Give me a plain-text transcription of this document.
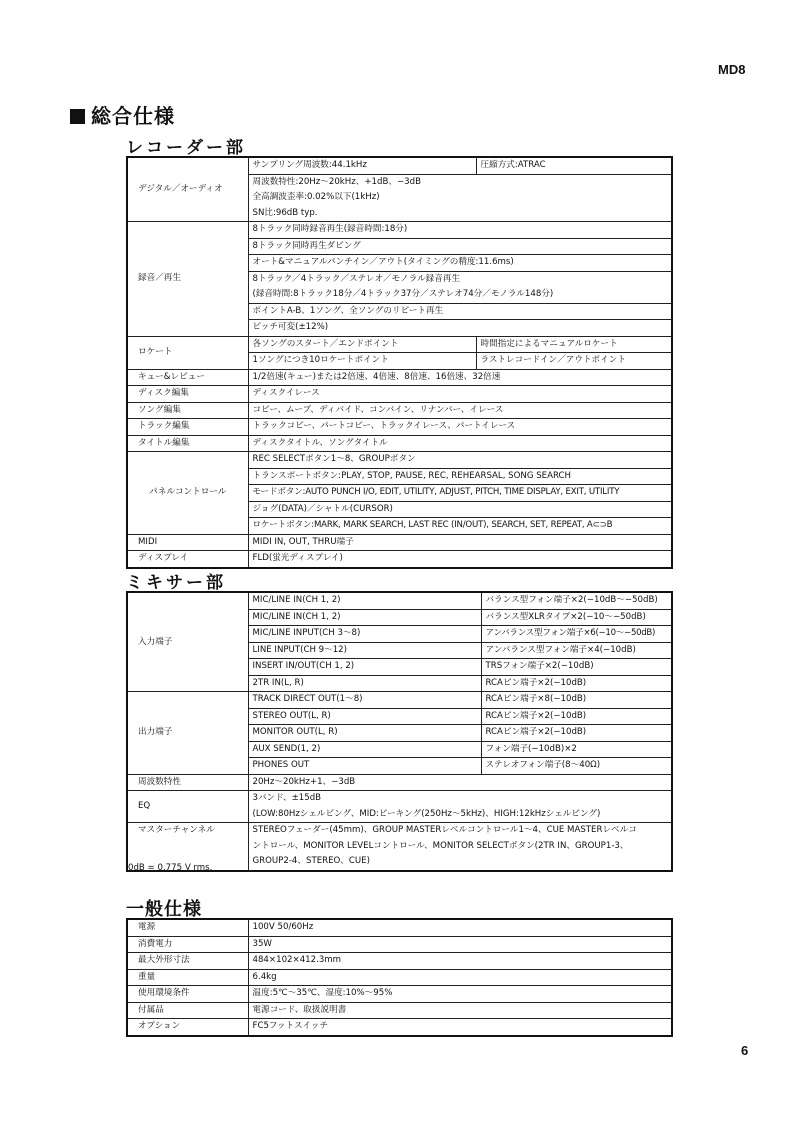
MD8
総合仕様
レコーダー部
デジタル／オーディオ	サンプリング周波数:44.1kHz	圧縮方式:ATRAC

	周波数特性:20Hz～20kHz、+1dB、−3dB
全高調波歪率:0.02%以下(1kHz)
SN比:96dB typ.	

録音／再生	8トラック同時録音再生(録音時間:18分)	
	8トラック同時再生ダビング	
	オート&マニュアルパンチイン／アウト(タイミングの精度:11.6ms)	

	8トラック／4トラック／ステレオ／モノラル録音再生
(録音時間:8トラック18分／4トラック37分／ステレオ74分／モノラル148分)	

	ポイントA-B、1ソング、全ソングのリピート再生	
	ピッチ可変(±12%)	
ロケート	各ソングのスタート／エンドポイント	時間指定によるマニュアルロケート
	1ソングにつき10ロケートポイント	ラストレコードイン／アウトポイント
キュー&レビュー	1/2倍速(キュー)または2倍速、4倍速、8倍速、16倍速、32倍速	
ディスク編集	ディスクイレース	
ソング編集	コピー、ムーブ、ディバイド、コンバイン、リナンバー、イレース	
トラック編集	トラックコピー、パートコピー、トラックイレース、パートイレース	
タイトル編集	ディスクタイトル、ソングタイトル	
パネルコントロール	REC SELECTボタン1～8、GROUPボタン	
	トランスポートボタン:PLAY, STOP, PAUSE, REC, REHEARSAL, SONG SEARCH	
	モードボタン:AUTO PUNCH I/O, EDIT, UTILITY, ADJUST, PITCH, TIME DISPLAY, EXIT, UTILITY	
	ジョグ(DATA)／シャトル(CURSOR)	
	ロケートボタン:MARK, MARK SEARCH, LAST REC (IN/OUT), SEARCH, SET, REPEAT, A⊂⊃B	
MIDI	MIDI IN, OUT, THRU端子	
ディスプレイ	FLD(蛍光ディスプレイ)	
ミキサー部
入力端子	MIC/LINE IN(CH 1, 2)	バランス型フォン端子×2(−10dB～−50dB)
	MIC/LINE IN(CH 1, 2)	バランス型XLRタイプ×2(−10～−50dB)
	MIC/LINE INPUT(CH 3～8)	アンバランス型フォン端子×6(−10～−50dB)
	LINE INPUT(CH 9～12)	アンバランス型フォン端子×4(−10dB)
	INSERT IN/OUT(CH 1, 2)	TRSフォン端子×2(−10dB)
	2TR IN(L, R)	RCAピン端子×2(−10dB)
出力端子	TRACK DIRECT OUT(1～8)	RCAピン端子×8(−10dB)
	STEREO OUT(L, R)	RCAピン端子×2(−10dB)
	MONITOR OUT(L, R)	RCAピン端子×2(−10dB)
	AUX SEND(1, 2)	フォン端子(−10dB)×2
	PHONES OUT	ステレオフォン端子(8～40Ω)
周波数特性	20Hz～20kHz+1、−3dB	
EQ	3バンド、±15dB
(LOW:80Hzシェルビング、MID:ピーキング(250Hz～5kHz)、HIGH:12kHzシェルビング)	

マスターチャンネル	STEREOフェーダー(45mm)、GROUP MASTERレベルコントロール1～4、CUE MASTERレベルコ
ントロール、MONITOR LEVELコントロール、MONITOR SELECTボタン(2TR IN、GROUP1-3、
GROUP2-4、STEREO、CUE)	
0dB = 0.775 V rms.
一般仕様
電源	100V 50/60Hz
消費電力	35W
最大外形寸法	484×102×412.3mm
重量	6.4kg
使用環境条件	温度:5℃～35℃、湿度:10%～95%
付属品	電源コード、取扱説明書
オプション	FC5フットスイッチ
6
